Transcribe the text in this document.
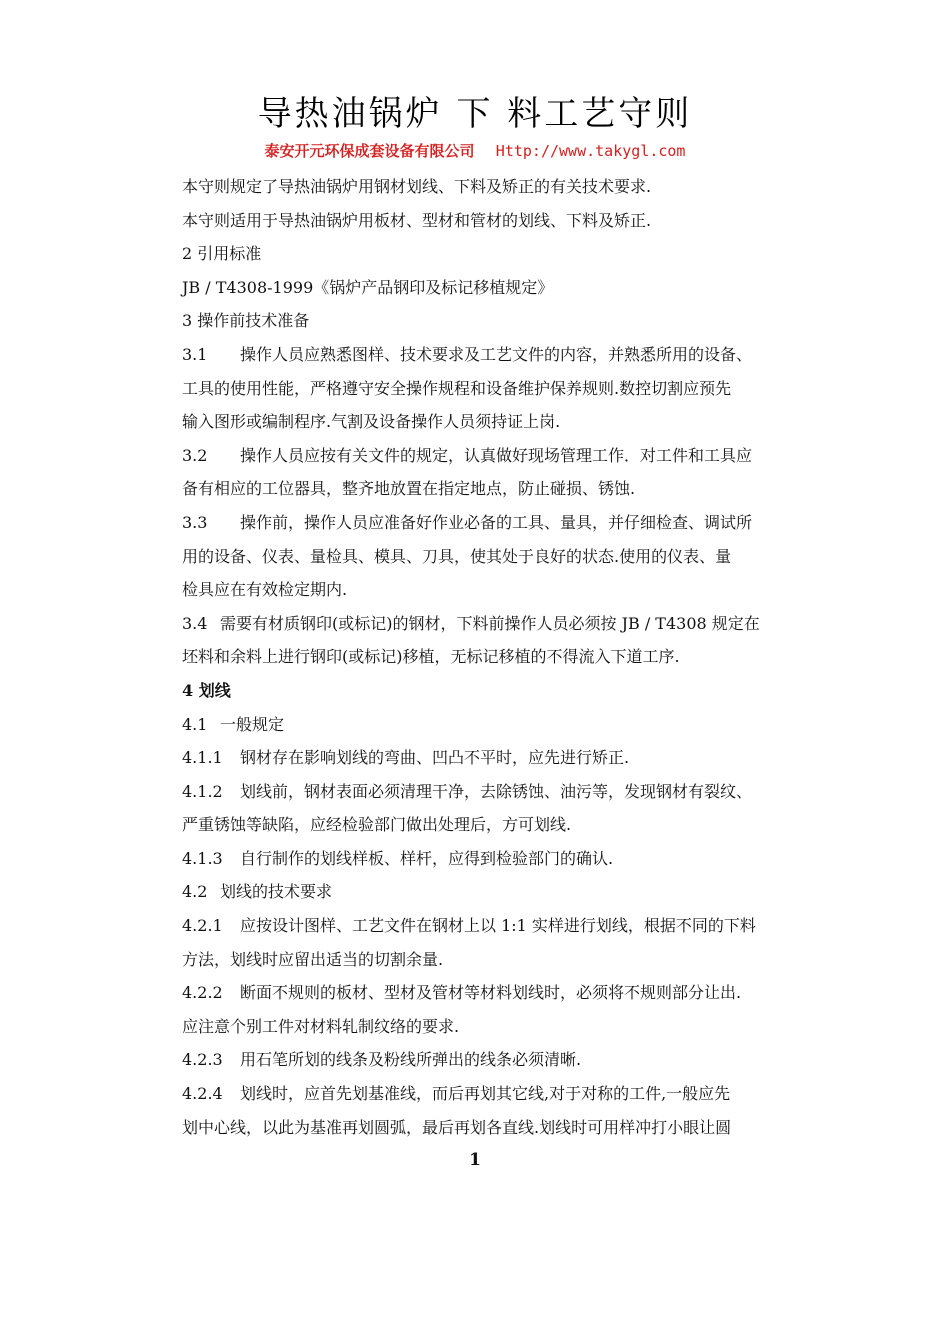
导热油锅炉 下 料工艺守则
泰安开元环保成套设备有限公司 Http://www.takygl.com
本守则规定了导热油锅炉用钢材划线、下料及矫正的有关技术要求.
本守则适用于导热油锅炉用板材、型材和管材的划线、下料及矫正.
2 引用标准
JB / T4308-1999《锅炉产品钢印及标记移植规定》
3 操作前技术准备
3.1 操作人员应熟悉图样、技术要求及工艺文件的内容，并熟悉所用的设备、
工具的使用性能，严格遵守安全操作规程和设备维护保养规则.数控切割应预先
输入图形或编制程序.气割及设备操作人员须持证上岗.
3.2 操作人员应按有关文件的规定，认真做好现场管理工作．对工件和工具应
备有相应的工位器具，整齐地放置在指定地点，防止碰损、锈蚀.
3.3 操作前，操作人员应准备好作业必备的工具、量具，并仔细检查、调试所
用的设备、仪表、量检具、模具、刀具，使其处于良好的状态.使用的仪表、量
检具应在有效检定期内.
3.4 需要有材质钢印(或标记)的钢材，下料前操作人员必须按 JB / T4308 规定在
坯料和余料上进行钢印(或标记)移植，无标记移植的不得流入下道工序.
4 划线
4.1 一般规定
4.1.1 钢材存在影响划线的弯曲、凹凸不平时，应先进行矫正.
4.1.2 划线前，钢材表面必须清理干净，去除锈蚀、油污等，发现钢材有裂纹、
严重锈蚀等缺陷，应经检验部门做出处理后，方可划线.
4.1.3 自行制作的划线样板、样杆，应得到检验部门的确认.
4.2 划线的技术要求
4.2.1 应按设计图样、工艺文件在钢材上以 1:1 实样进行划线，根据不同的下料
方法，划线时应留出适当的切割余量.
4.2.2 断面不规则的板材、型材及管材等材料划线时，必须将不规则部分让出.
应注意个别工件对材料轧制纹络的要求.
4.2.3 用石笔所划的线条及粉线所弹出的线条必须清晰.
4.2.4 划线时，应首先划基准线，而后再划其它线,对于对称的工件,一般应先
划中心线，以此为基准再划圆弧，最后再划各直线.划线时可用样冲打小眼让圆
1
